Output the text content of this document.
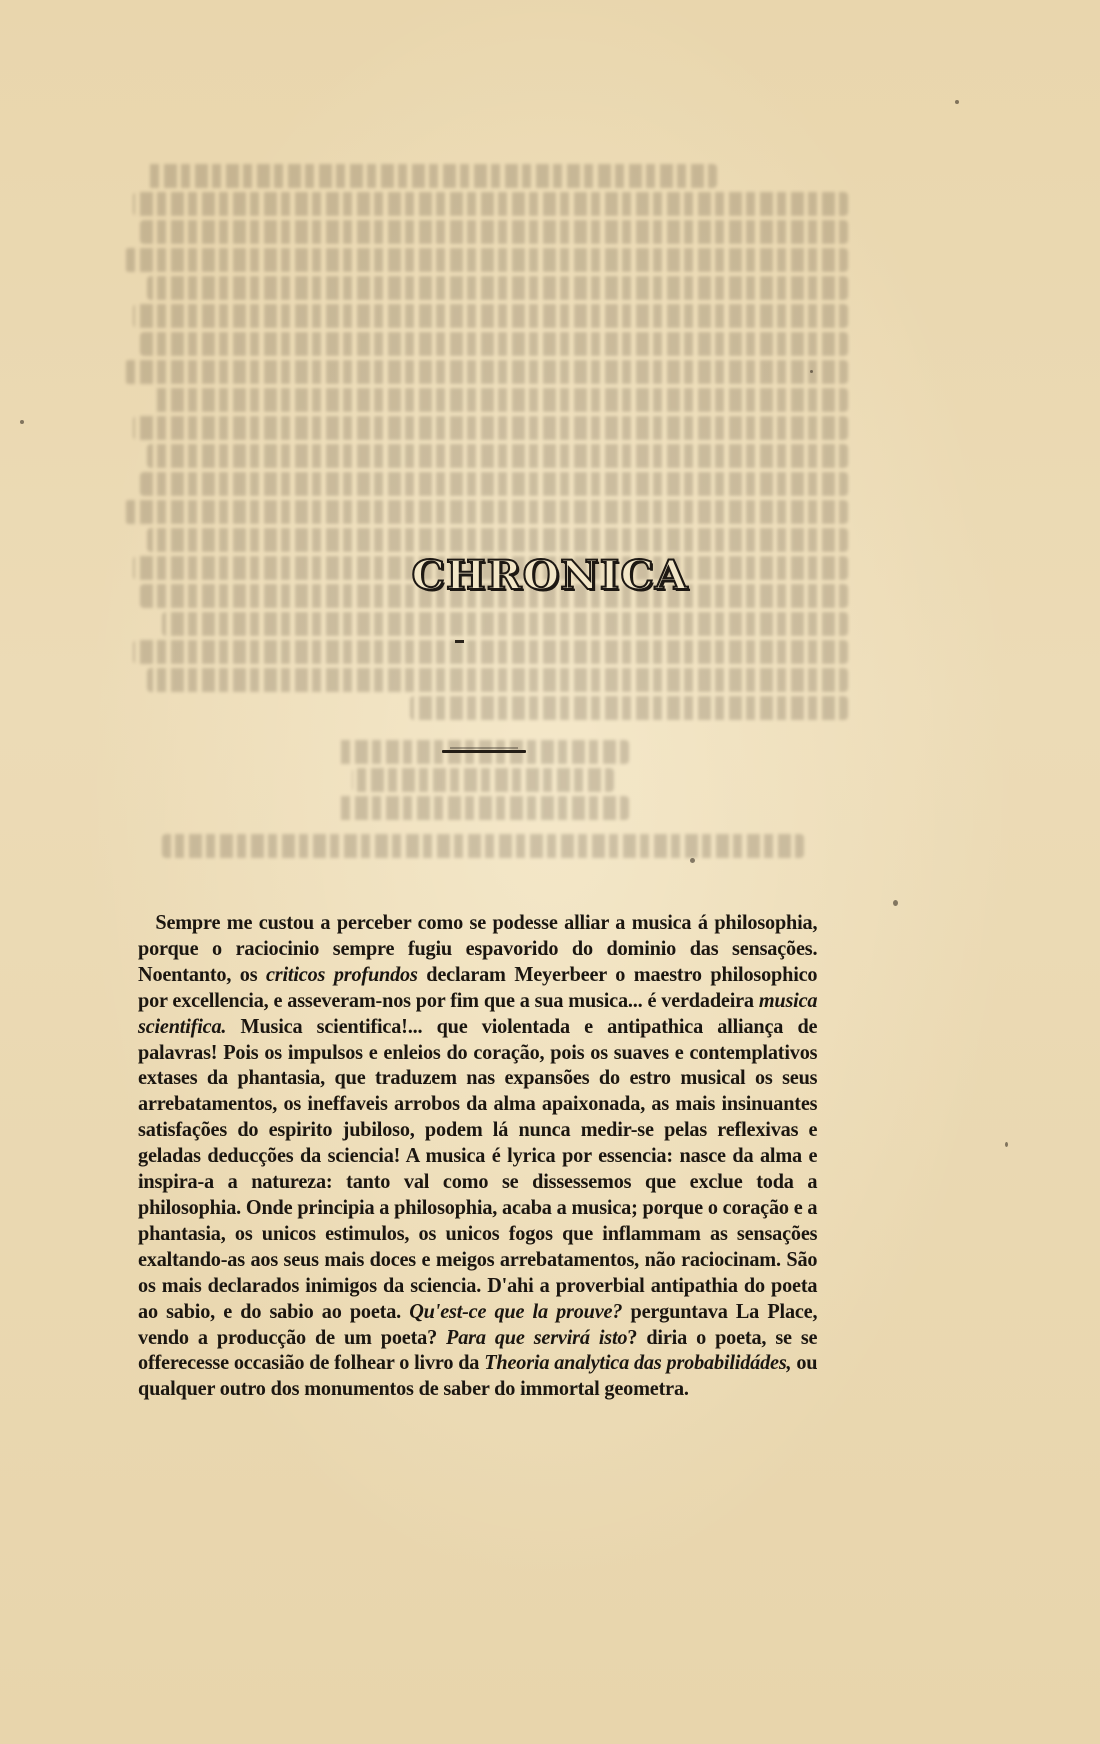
CHRONICA
Sempre me custou a perceber como se podesse alliar a musica á philosophia, porque o raciocinio sempre fugiu espavorido do dominio das sensações. Noentanto, os criticos profundos declaram Meyerbeer o maestro philosophico por excellencia, e asseveram-nos por fim que a sua musica... é verdadeira musica scientifica. Musica scientifica!... que violentada e antipathica alliança de palavras! Pois os impulsos e enleios do coração, pois os suaves e contemplativos extases da phantasia, que traduzem nas expansões do estro musical os seus arrebatamentos, os ineffaveis arrobos da alma apaixonada, as mais insinuantes satisfações do espirito jubiloso, podem lá nunca medir-se pelas reflexivas e geladas deducções da sciencia! A musica é lyrica por essencia: nasce da alma e inspira-a a natureza: tanto val como se dissessemos que exclue toda a philosophia. Onde principia a philosophia, acaba a musica; porque o coração e a phantasia, os unicos estimulos, os unicos fogos que inflammam as sensações exaltando-as aos seus mais doces e meigos arrebatamentos, não raciocinam. São os mais declarados inimigos da sciencia. D'ahi a proverbial antipathia do poeta ao sabio, e do sabio ao poeta. Qu'est-ce que la prouve? perguntava La Place, vendo a producção de um poeta? Para que servirá isto? diria o poeta, se se offerecesse occasião de folhear o livro da Theoria analytica das probabilidádes, ou qualquer outro dos monumentos de saber do immortal geometra.
